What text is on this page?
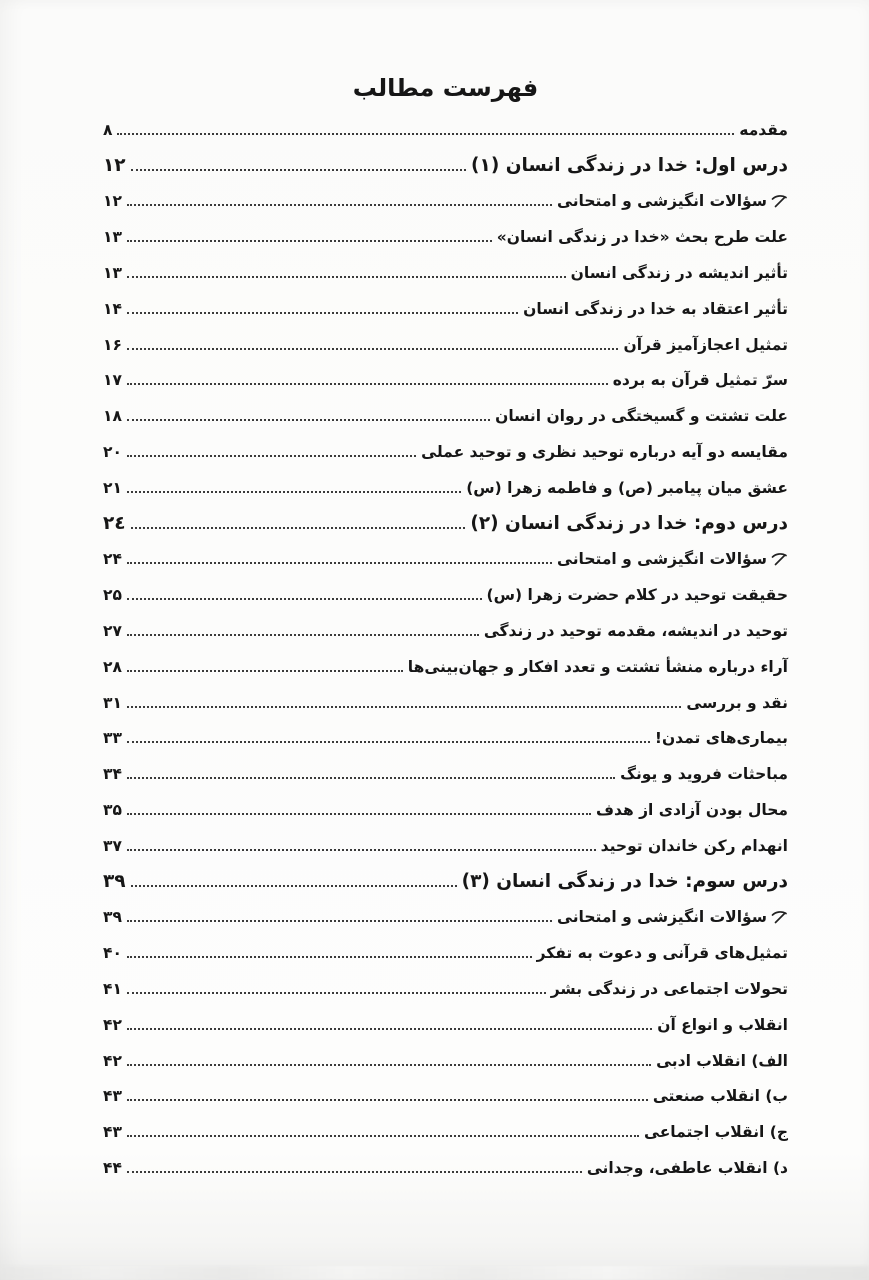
فهرست مطالب
مقدمه
۸
درس اول: خدا در زندگی انسان (۱)
۱۲
سؤالات انگیزشی و امتحانی
۱۲
علت طرح بحث «خدا در زندگی انسان»
۱۳
تأثیر اندیشه در زندگی انسان
۱۳
تأثیر اعتقاد به خدا در زندگی انسان
۱۴
تمثیل اعجازآمیز قرآن
۱۶
سرّ تمثیل قرآن به برده
۱۷
علت تشتت و گسیختگی در روان انسان
۱۸
مقایسه دو آیه درباره توحید نظری و توحید عملی
۲۰
عشق میان پیامبر (ص) و فاطمه زهرا (س)
۲۱
درس دوم: خدا در زندگی انسان (۲)
۲٤
سؤالات انگیزشی و امتحانی
۲۴
حقیقت توحید در کلام حضرت زهرا (س)
۲۵
توحید در اندیشه، مقدمه توحید در زندگی
۲۷
آراء درباره منشأ تشتت و تعدد افکار و جهان‌بینی‌ها
۲۸
نقد و بررسی
۳۱
بیماری‌های تمدن!
۳۳
مباحثات فروید و یونگ
۳۴
محال بودن آزادی از هدف
۳۵
انهدام رکن خاندان توحید
۳۷
درس سوم: خدا در زندگی انسان (۳)
۳۹
سؤالات انگیزشی و امتحانی
۳۹
تمثیل‌های قرآنی و دعوت به تفکر
۴۰
تحولات اجتماعی در زندگی بشر
۴۱
انقلاب و انواع آن
۴۲
الف) انقلاب ادبی
۴۲
ب) انقلاب صنعتی
۴۳
ج) انقلاب اجتماعی
۴۳
د) انقلاب عاطفی، وجدانی
۴۴
